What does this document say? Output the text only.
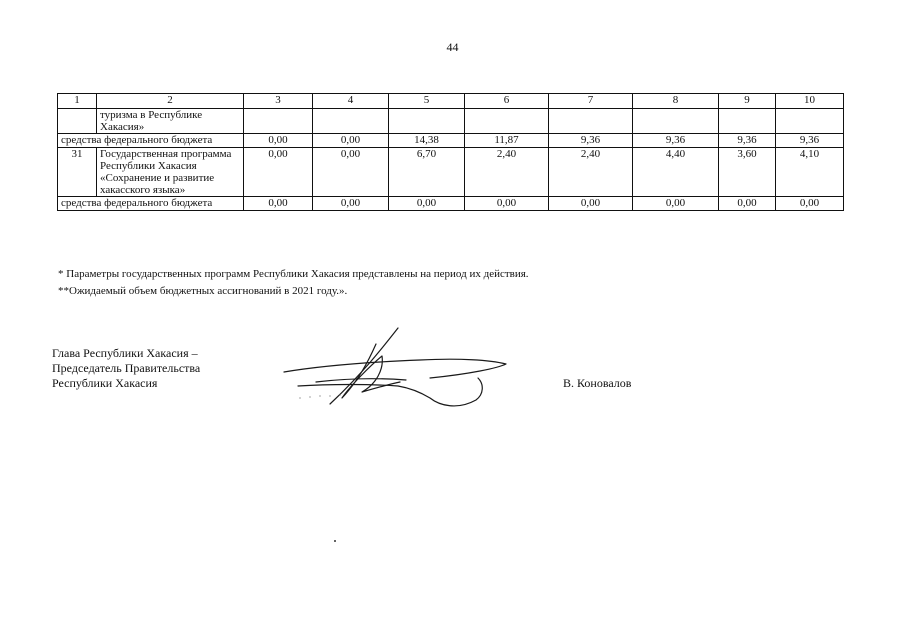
44
1	2	3	4	5	6	7	8	9	10
	туризма в Республике Хакасия»								
средства федерального бюджета		0,00	0,00	14,38	11,87	9,36	9,36	9,36	9,36
31	Государственная программа Республики Хакасия «Сохранение и развитие хакасского языка»	0,00	0,00	6,70	2,40	2,40	4,40	3,60	4,10
средства федерального бюджета		0,00	0,00	0,00	0,00	0,00	0,00	0,00	0,00
* Параметры государственных программ Республики Хакасия представлены на период их действия.
**Ожидаемый объем бюджетных ассигнований в 2021 году.».
Глава Республики Хакасия –
Председатель Правительства
Республики Хакасия	В. Коновалов
